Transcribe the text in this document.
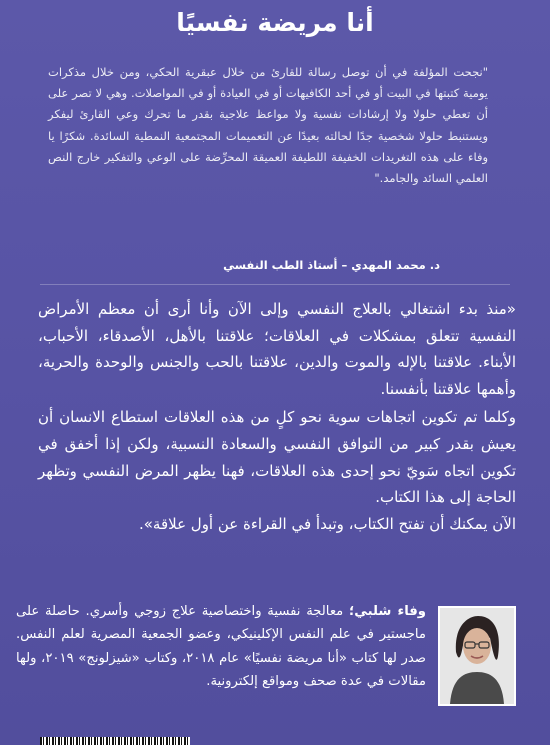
أنا مريضة نفسيًا
"نجحت المؤلفة في أن توصل رسالة للقارئ من خلال عبقرية الحكي، ومن خلال مذكرات يومية كتبتها في البيت أو في أحد الكافيهات أو في العيادة أو في المواصلات. وهي لا تصر على أن تعطي حلولا ولا إرشادات نفسية ولا مواعظ علاجية بقدر ما تحرك وعي القارئ ليفكر ويستنبط حلولا شخصية جدًا لحالته بعيدًا عن التعميمات المجتمعية النمطية السائدة. شكرًا يا وفاء على هذه التغريدات الخفيفة اللطيفة العميقة المحرِّضة على الوعي والتفكير خارج النص العلمي السائد والجامد."
د. محمد المهدي – أستاذ الطب النفسي

«منذ بدء اشتغالي بالعلاج النفسي وإلى الآن وأنا أرى أن معظم الأمراض النفسية تتعلق بمشكلات في العلاقات؛ علاقتنا بالأهل، الأصدقاء، الأحباب، الأبناء. علاقتنا بالإله والموت والدين، علاقتنا بالحب والجنس والوحدة والحرية، وأهمها علاقتنا بأنفسنا.

وكلما تم تكوين اتجاهات سوية نحو كلٍ من هذه العلاقات استطاع الانسان أن يعيش بقدر كبير من التوافق النفسي والسعادة النسبية، ولكن إذا أخفق في تكوين اتجاه سَويّ نحو إحدى هذه العلاقات، فهنا يظهر المرض النفسي وتظهر الحاجة إلى هذا الكتاب.

الآن يمكنك أن تفتح الكتاب، وتبدأ في القراءة عن أول علاقة».

وفاء شلبي؛ معالجة نفسية واختصاصية علاج زوجي وأسري. حاصلة على ماجستير في علم النفس الإكلينيكي، وعضو الجمعية المصرية لعلم النفس. صدر لها كتاب «أنا مريضة نفسيًا» عام ٢٠١٨، وكتاب «شيزلونج» ٢٠١٩، ولها مقالات في عدة صحف ومواقع إلكترونية.
